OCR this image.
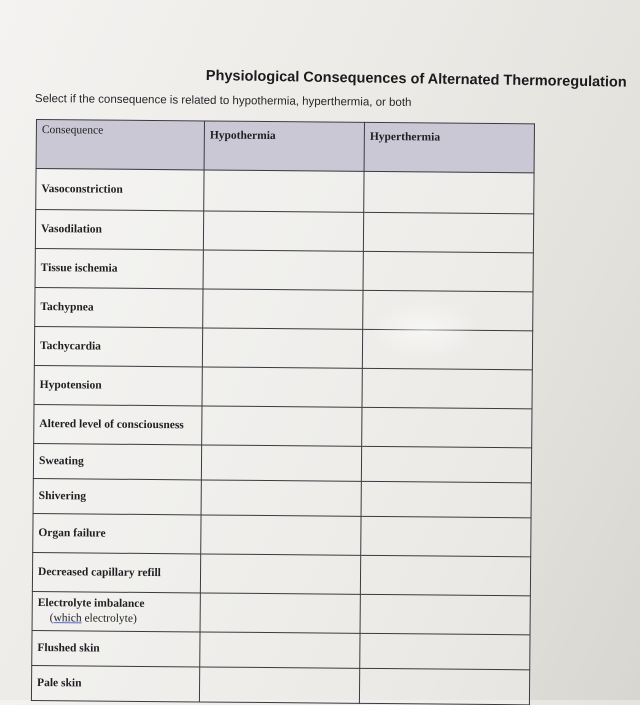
Physiological Consequences of Alternated Thermoregulation
Select if the consequence is related to hypothermia, hyperthermia, or both
Consequence	Hypothermia	Hyperthermia
Vasoconstriction		
Vasodilation		
Tissue ischemia		
Tachypnea		
Tachycardia		
Hypotension		
Altered level of consciousness		
Sweating		
Shivering		
Organ failure		
Decreased capillary refill		
Electrolyte imbalance
(which electrolyte)		

Flushed skin		
Pale skin		
